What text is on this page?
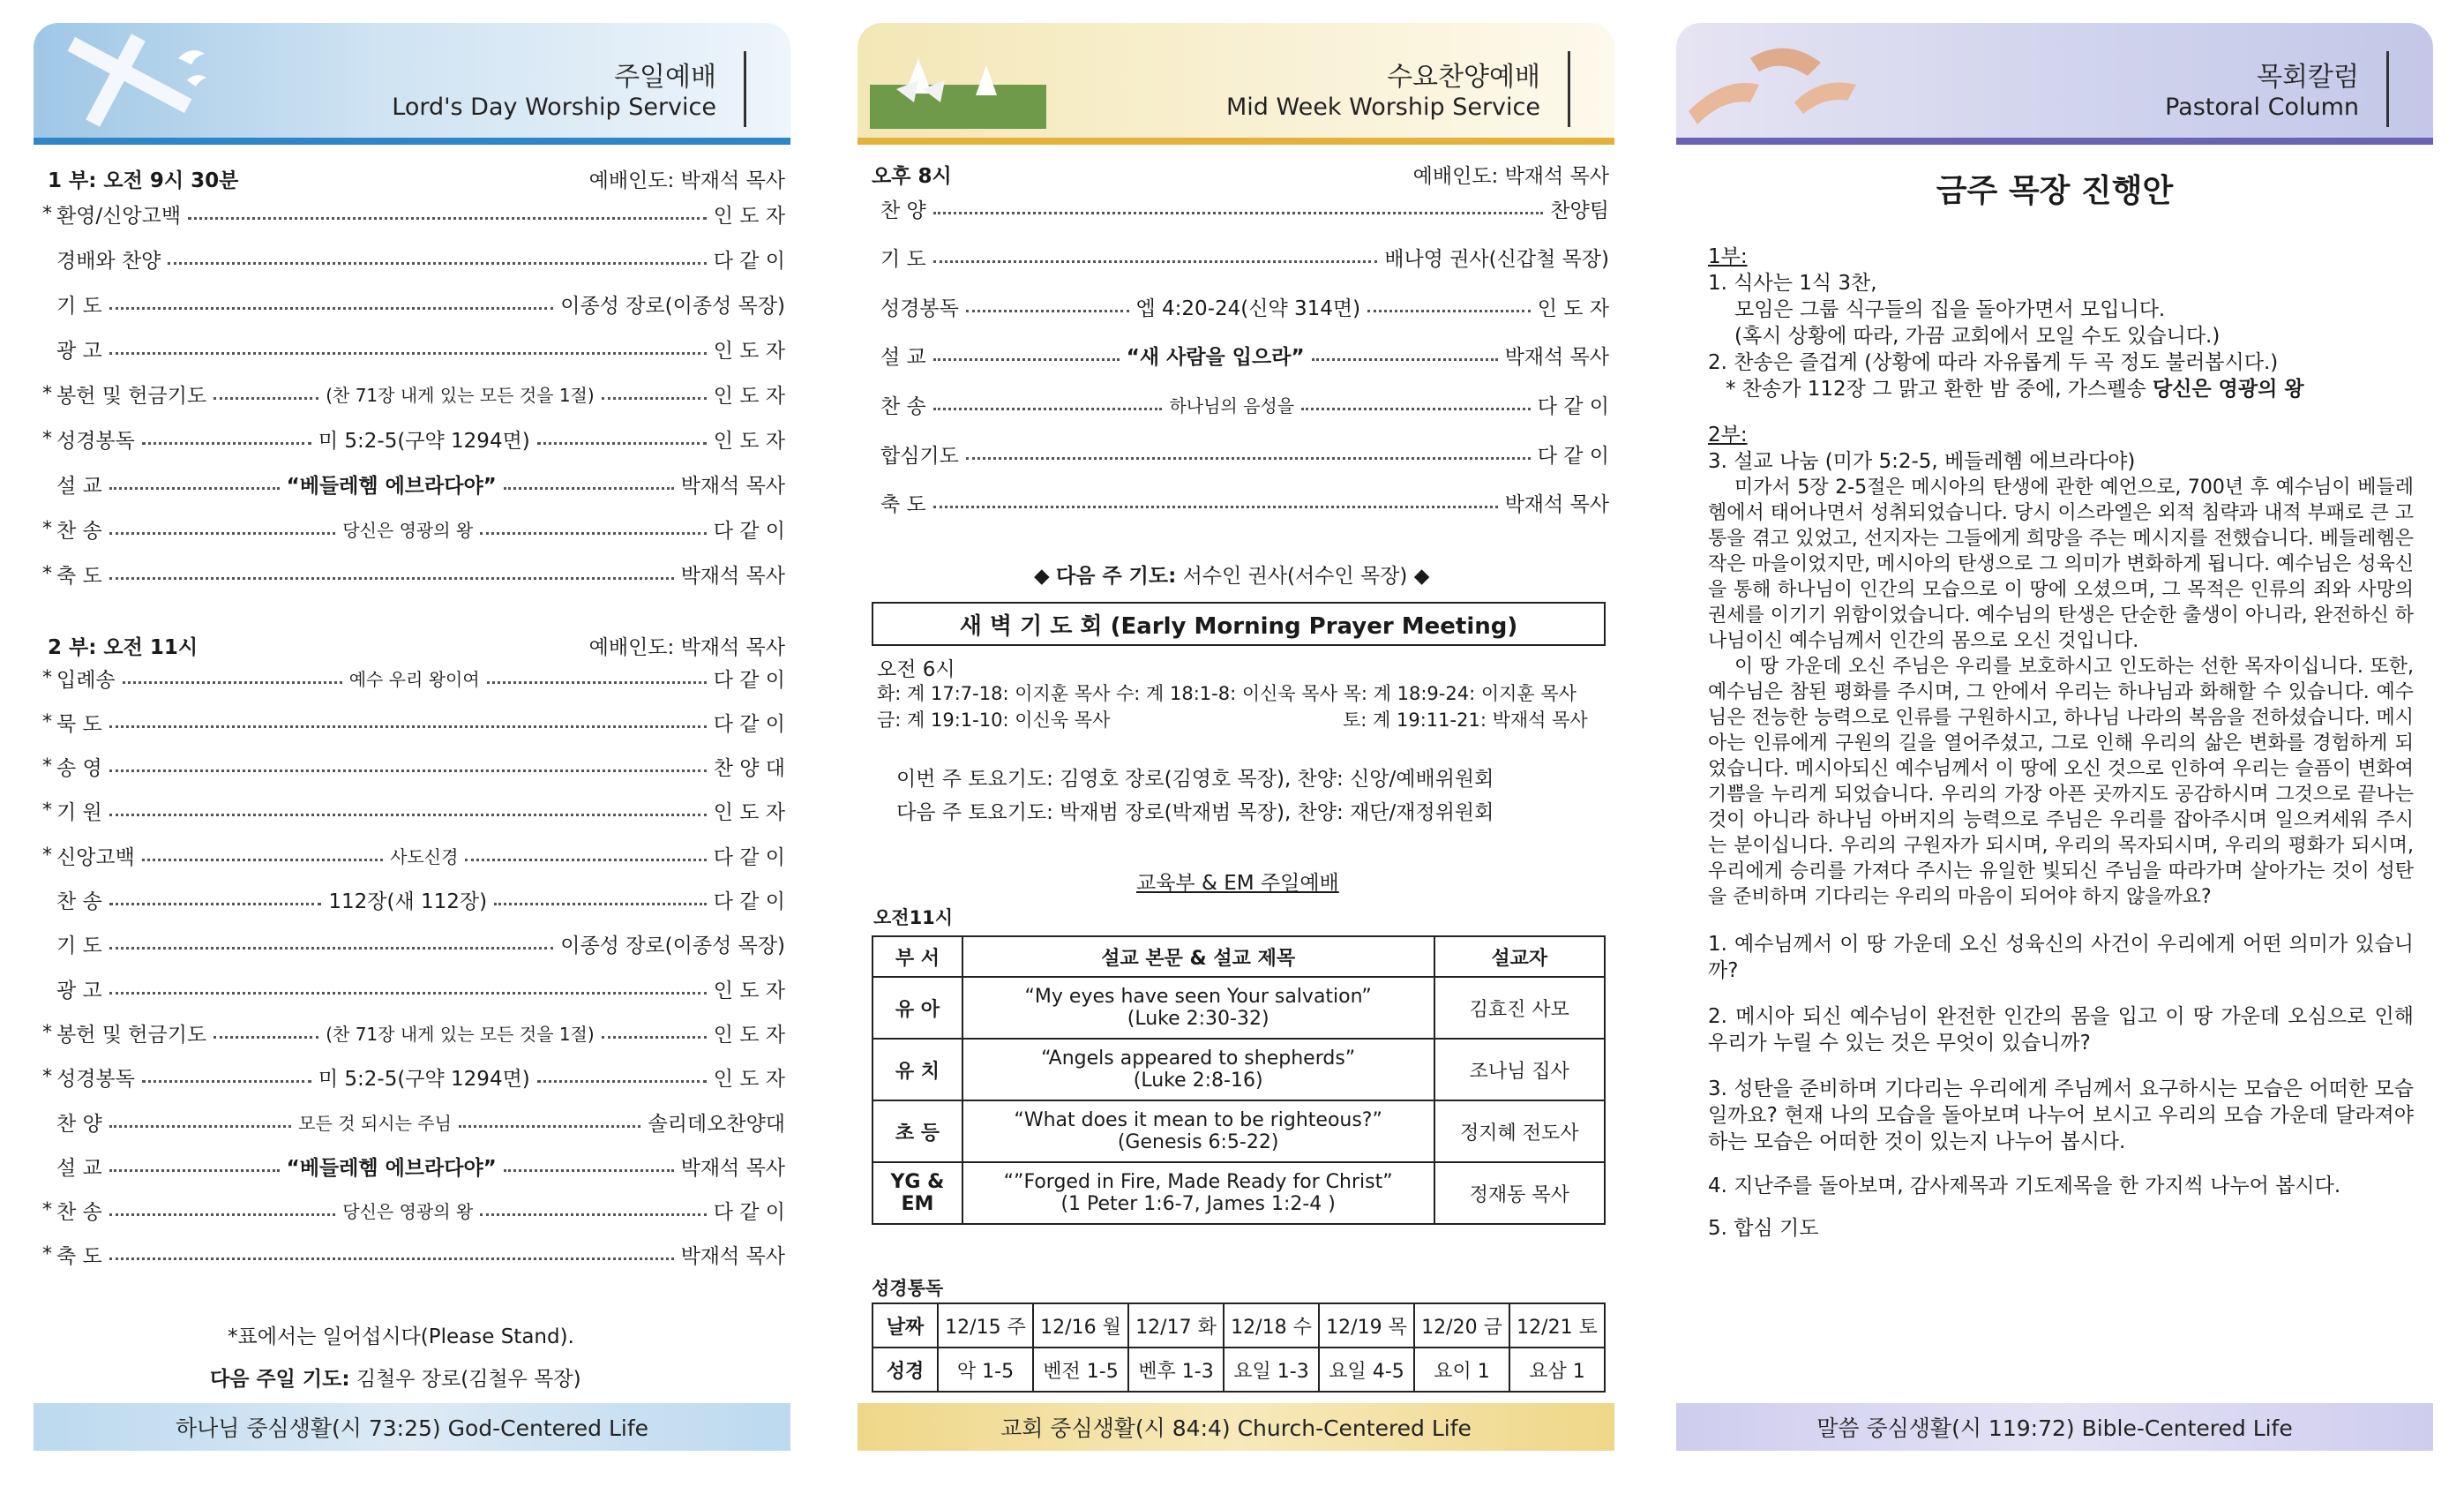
주일예배
Lord's Day Worship Service
1 부: 오전 9시 30분	예배인도: 박재석 목사
* 환영/신앙고백	인 도 자
경배와 찬양	다 같 이
기 도	이종성 장로(이종성 목장)
광 고	인 도 자
* 봉헌 및 헌금기도	(찬 71장 내게 있는 모든 것을 1절)	인 도 자
* 성경봉독	미 5:2-5(구약 1294면)	인 도 자
설 교	“베들레헴 에브라다야”	박재석 목사
* 찬 송	당신은 영광의 왕	다 같 이
* 축 도	박재석 목사
2 부: 오전 11시	예배인도: 박재석 목사
* 입례송	예수 우리 왕이여	다 같 이
* 묵 도	다 같 이
* 송 영	찬 양 대
* 기 원	인 도 자
* 신앙고백	사도신경	다 같 이
찬 송	112장(새 112장)	다 같 이
기 도	이종성 장로(이종성 목장)
광 고	인 도 자
* 봉헌 및 헌금기도	(찬 71장 내게 있는 모든 것을 1절)	인 도 자
* 성경봉독	미 5:2-5(구약 1294면)	인 도 자
찬 양	모든 것 되시는 주님	솔리데오찬양대
설 교	“베들레헴 에브라다야”	박재석 목사
* 찬 송	당신은 영광의 왕	다 같 이
* 축 도	박재석 목사
*표에서는 일어섭시다(Please Stand).
다음 주일 기도: 김철우 장로(김철우 목장)
하나님 중심생활(시 73:25) God-Centered Life
수요찬양예배
Mid Week Worship Service
오후 8시	예배인도: 박재석 목사
찬 양	찬양팀
기 도	배나영 권사(신갑철 목장)
성경봉독	엡 4:20-24(신약 314면)	인 도 자
설 교	“새 사람을 입으라”	박재석 목사
찬 송	하나님의 음성을	다 같 이
합심기도	다 같 이
축 도	박재석 목사
◆ 다음 주 기도: 서수인 권사(서수인 목장) ◆
새 벽 기 도 회 (Early Morning Prayer Meeting)
오전 6시
화: 계 17:7-18: 이지훈 목사 수: 계 18:1-8: 이신욱 목사 목: 계 18:9-24: 이지훈 목사
금: 계 19:1-10: 이신욱 목사	토: 계 19:11-21: 박재석 목사
이번 주 토요기도: 김영호 장로(김영호 목장), 찬양: 신앙/예배위원회
다음 주 토요기도: 박재범 장로(박재범 목장), 찬양: 재단/재정위원회
교육부 & EM 주일예배
오전11시
부 서	설교 본문 & 설교 제목	설교자
유 아	“My eyes have seen Your salvation”
(Luke 2:30-32)	김효진 사모
유 치	“Angels appeared to shepherds”
(Luke 2:8-16)	조나님 집사
초 등	“What does it mean to be righteous?”
(Genesis 6:5-22)	정지혜 전도사
YG & EM	“”Forged in Fire, Made Ready for Christ”
(1 Peter 1:6-7, James 1:2-4 )	정재동 목사
성경통독
날짜	12/15 주	12/16 월	12/17 화	12/18 수	12/19 목	12/20 금	12/21 토
성경	악 1-5	벤전 1-5	벤후 1-3	요일 1-3	요일 4-5	요이 1	요삼 1
교회 중심생활(시 84:4) Church-Centered Life
목회칼럼
Pastoral Column
금주 목장 진행안

1부:

1. 식사는 1식 3찬,

모임은 그룹 식구들의 집을 돌아가면서 모입니다.

(혹시 상황에 따라, 가끔 교회에서 모일 수도 있습니다.)

2. 찬송은 즐겁게 (상황에 따라 자유롭게 두 곡 정도 불러봅시다.)

* 찬송가 112장 그 맑고 환한 밤 중에, 가스펠송 당신은 영광의 왕

2부:

3. 설교 나눔 (미가 5:2-5, 베들레헴 에브라다야)

미가서 5장 2-5절은 메시아의 탄생에 관한 예언으로, 700년 후 예수님이 베들레헴에서 태어나면서 성취되었습니다. 당시 이스라엘은 외적 침략과 내적 부패로 큰 고통을 겪고 있었고, 선지자는 그들에게 희망을 주는 메시지를 전했습니다. 베들레헴은 작은 마을이었지만, 메시아의 탄생으로 그 의미가 변화하게 됩니다. 예수님은 성육신을 통해 하나님이 인간의 모습으로 이 땅에 오셨으며, 그 목적은 인류의 죄와 사망의 권세를 이기기 위함이었습니다. 예수님의 탄생은 단순한 출생이 아니라, 완전하신 하나님이신 예수님께서 인간의 몸으로 오신 것입니다.

이 땅 가운데 오신 주님은 우리를 보호하시고 인도하는 선한 목자이십니다. 또한, 예수님은 참된 평화를 주시며, 그 안에서 우리는 하나님과 화해할 수 있습니다. 예수님은 전능한 능력으로 인류를 구원하시고, 하나님 나라의 복음을 전하셨습니다. 메시아는 인류에게 구원의 길을 열어주셨고, 그로 인해 우리의 삶은 변화를 경험하게 되었습니다. 메시아되신 예수님께서 이 땅에 오신 것으로 인하여 우리는 슬픔이 변화여 기쁨을 누리게 되었습니다. 우리의 가장 아픈 곳까지도 공감하시며 그것으로 끝나는 것이 아니라 하나님 아버지의 능력으로 주님은 우리를 잡아주시며 일으켜세워 주시는 분이십니다. 우리의 구원자가 되시며, 우리의 목자되시며, 우리의 평화가 되시며, 우리에게 승리를 가져다 주시는 유일한 빛되신 주님을 따라가며 살아가는 것이 성탄을 준비하며 기다리는 우리의 마음이 되어야 하지 않을까요?

1. 예수님께서 이 땅 가운데 오신 성육신의 사건이 우리에게 어떤 의미가 있습니까?

2. 메시아 되신 예수님이 완전한 인간의 몸을 입고 이 땅 가운데 오심으로 인해 우리가 누릴 수 있는 것은 무엇이 있습니까?

3. 성탄을 준비하며 기다리는 우리에게 주님께서 요구하시는 모습은 어떠한 모습일까요? 현재 나의 모습을 돌아보며 나누어 보시고 우리의 모습 가운데 달라져야 하는 모습은 어떠한 것이 있는지 나누어 봅시다.

4. 지난주를 돌아보며, 감사제목과 기도제목을 한 가지씩 나누어 봅시다.

5. 합심 기도

말씀 중심생활(시 119:72) Bible-Centered Life
